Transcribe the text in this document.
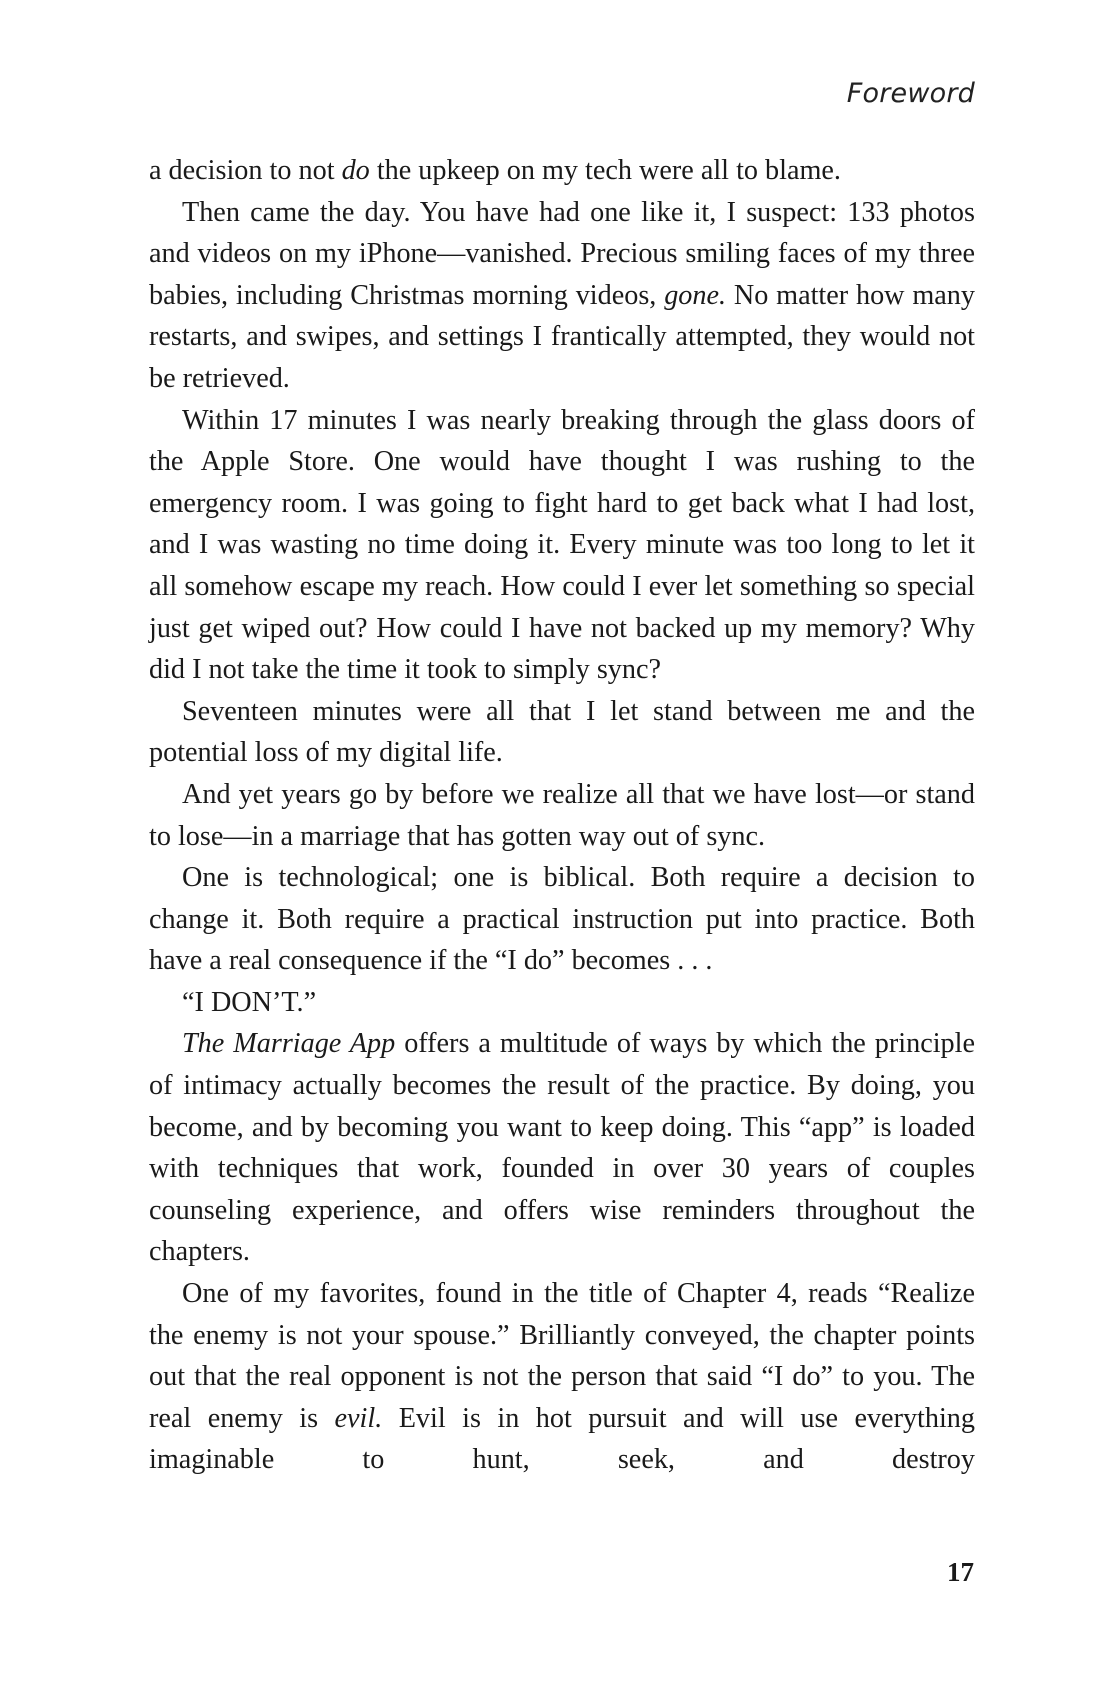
Foreword

a decision to not do the upkeep on my tech were all to blame.

Then came the day. You have had one like it, I suspect: 133 photos and videos on my iPhone—vanished. Precious smiling faces of my three babies, including Christmas morning videos, gone. No matter how many restarts, and swipes, and settings I frantically attempted, they would not be retrieved.

Within 17 minutes I was nearly breaking through the glass doors of the Apple Store. One would have thought I was rushing to the emergency room. I was going to fight hard to get back what I had lost, and I was wasting no time doing it. Every minute was too long to let it all somehow escape my reach. How could I ever let something so special just get wiped out? How could I have not backed up my memory? Why did I not take the time it took to simply sync?

Seventeen minutes were all that I let stand between me and the potential loss of my digital life.

And yet years go by before we realize all that we have lost—or stand to lose—in a marriage that has gotten way out of sync.

One is technological; one is biblical. Both require a decision to change it. Both require a practical instruction put into practice. Both have a real consequence if the “I do” becomes . . .

“I DON’T.”

The Marriage App offers a multitude of ways by which the principle of intimacy actually becomes the result of the practice. By doing, you become, and by becoming you want to keep doing. This “app” is loaded with techniques that work, founded in over 30 years of couples counseling experience, and offers wise reminders throughout the chapters.

One of my favorites, found in the title of Chapter 4, reads “Realize the enemy is not your spouse.” Brilliantly conveyed, the chapter points out that the real opponent is not the person that said “I do” to you. The real enemy is evil. Evil is in hot pursuit and will use everything imaginable to hunt, seek, and destroy

17
